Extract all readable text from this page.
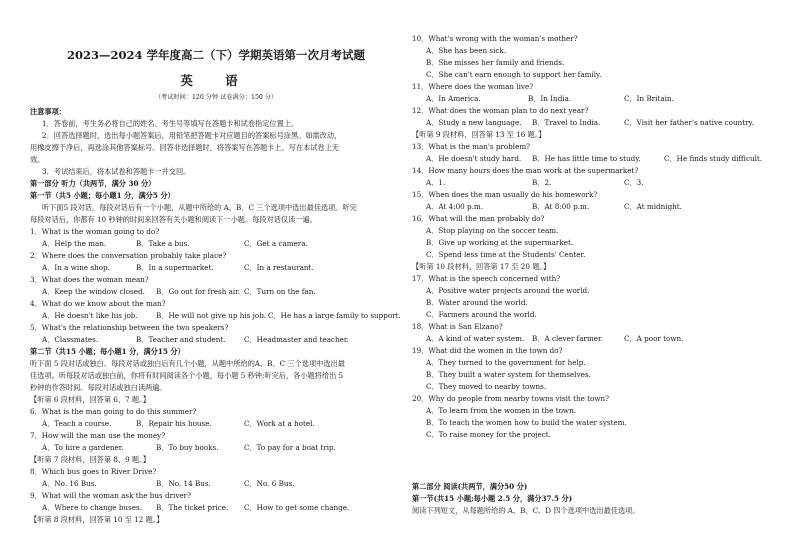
2023—2024 学年度高二（下）学期英语第一次月考试题
英 语
（考试时间：120 分钟 试卷满分：150 分）
注意事项：
1．答卷前，考生务必将自己的姓名、考生号等填写在答题卡和试卷指定位置上。
2．回答选择题时，选出每小题答案后，用铅笔把答题卡对应题目的答案标号涂黑。如需改动，
用橡皮擦干净后，再选涂其他答案标号。回答非选择题时，将答案写在答题卡上。写在本试卷上无
效。
3．考试结束后，将本试卷和答题卡一并交回。
第一部分 听力（共两节，满分 30 分）
第一节（共5 小题；每小题1 分，满分5 分）
听下面5 段对话。每段对话后有一个小题，从题中所给的 A、B、C 三个选项中选出最佳选项。听完
每段对话后，你都有 10 秒钟的时间来回答有关小题和阅读下一小题。每段对话仅读一遍。
1．What is the woman going to do?
A．Help the man.	B．Take a bus.	C．Get a camera.
2．Where does the conversation probably take place?
A．In a wine shop.	B．In a supermarket.	C．In a restaurant.
3．What does the woman mean?
A．Keep the window closed. B．Go out for fresh air. C．Turn on the fan.
4．What do we know about the man?
A．He doesn't like his job.	B．He will not give up his job. C．He has a large family to support.
5．What's the relationship between the two speakers?
A．Classmates.	B．Teacher and student.	C．Headmaster and teacher.
第二节（共15 小题；每小题1 分，满分15 分）
听下面 5 段对话或独白。每段对话或独白后有几个小题，从题中所给的A、B、C 三个选项中选出最
佳选项。听每段对话或独白前，你将有时间阅读各个小题，每小题 5 秒钟;听完后，各小题将给出 5
秒钟的作答时间。每段对话或独白读两遍。
【听第 6 段材料，回答第 6、7 题。】
6．What is the man going to do this summer?
A．Teach a course.	B．Repair his house.	C．Work at a hotel.
7．How will the man use the money?
A．To hire a gardener.	B．To buy books.	C．To pay for a boat trip.
【听第 7 段材料，回答第 8、9 题。】
8．Which bus goes to River Drive?
A．No. 16 Bus.	B．No. 14 Bus.	C．No. 6 Bus.
9．What will the woman ask the bus driver?
A．Where to change buses. B．The ticket price. C．How to get some change.
【听第 8 段材料，回答第 10 至 12 题。】
10．What's wrong with the woman's mother?
A．She has been sick.
B．She misses her family and friends.
C．She can't earn enough to support her family.
11．Where does the woman live?
A．In America.	B．In India.	C．In Britain.
12．What does the woman plan to do next year?
A．Study a new language. B．Travel to India.	C．Visit her father's native country.
【听第 9 段材料，回答第 13 至 16 题。】
13．What is the man's problem?
A．He doesn't study hard. B．He has little time to study.	C．He finds study difficult.
14．How many hours does the man work at the supermarket?
A．1.	B．2.	C．3.
15．When does the man usually do his homework?
A．At 4:00 p.m.	B．At 8:00 p.m.	C．At midnight.
16．What will the man probably do?
A．Stop playing on the soccer team.
B．Give up working at the supermarket.
C．Spend less time at the Students' Center.
【听第 10 段材料，回答第 17 至 20 题。】
17．What is the speech concerned with?
A．Positive water projects around the world.
B．Water around the world.
C．Farmers around the world.
18．What is San Elzano?
A．A kind of water system. B．A clever farmer.	C．A poor town.
19．What did the women in the town do?
A．They turned to the government for help.
B．They built a water system for themselves.
C．They moved to nearby towns.
20．Why do people from nearby towns visit the town?
A．To learn from the women in the town.
B．To teach the women how to build the water system.
C．To raise money for the project.
第二部分 阅读(共两节，满分50 分)
第一节(共15 小题;每小题 2.5 分，满分37.5 分)
阅读下列短文，从每题所给的 A、B、C、D 四个选项中选出最佳选项。
